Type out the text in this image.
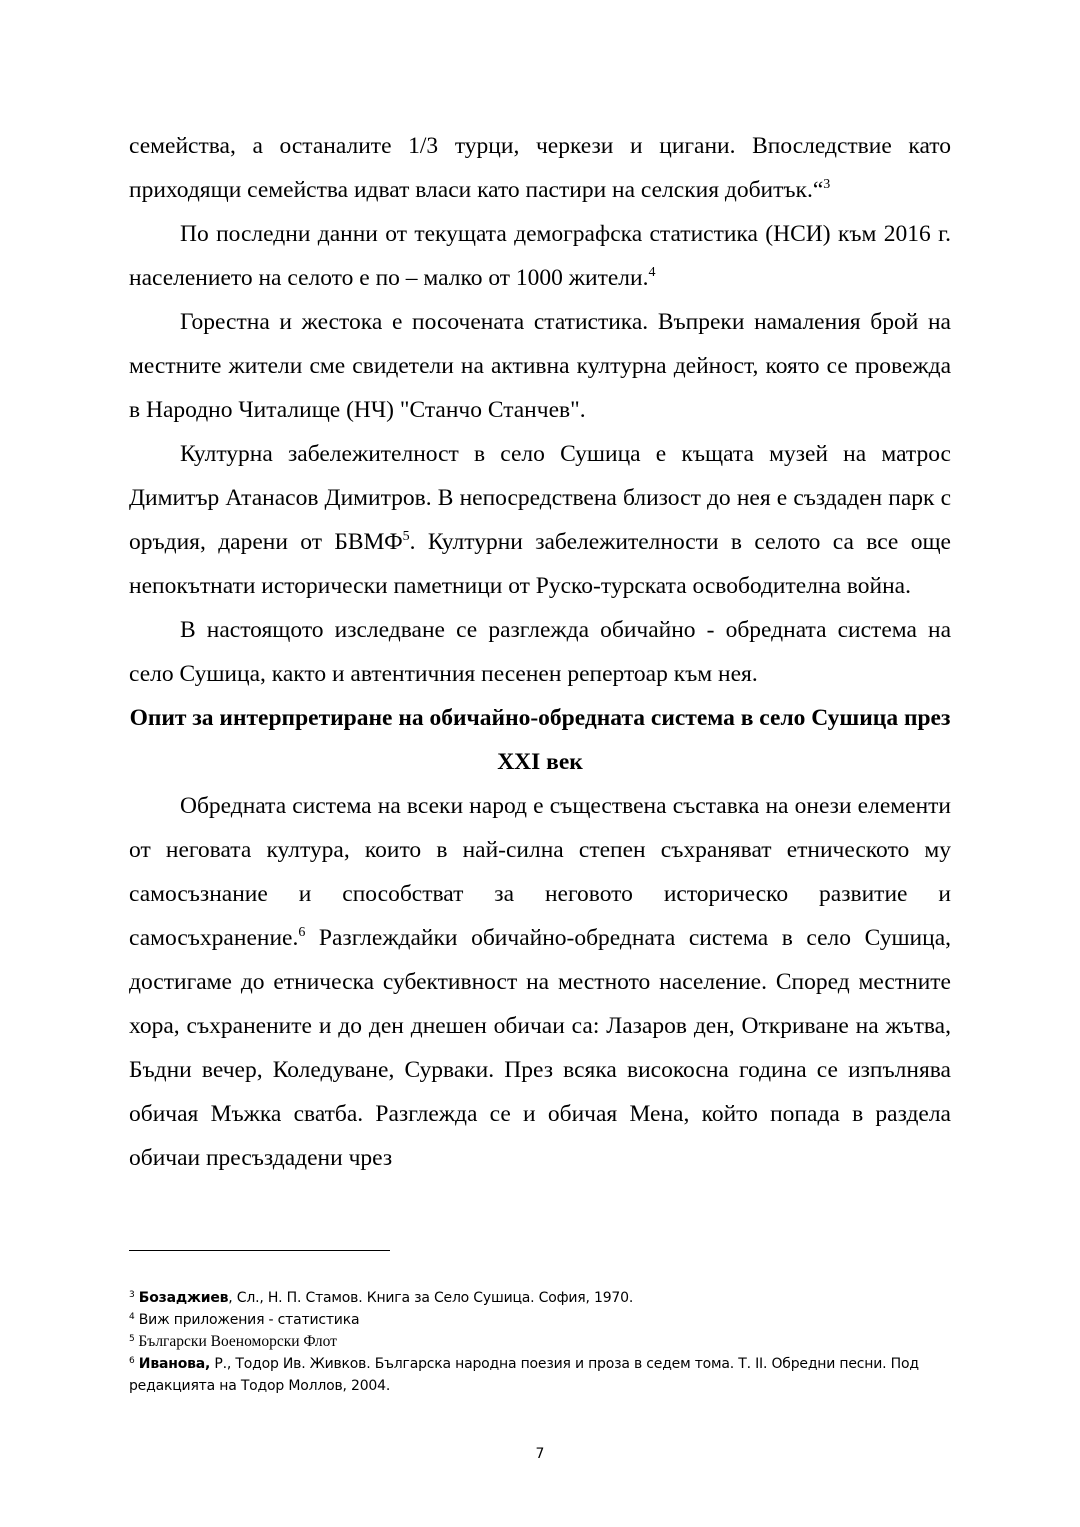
семейства, а останалите 1/3 турци, черкези и цигани. Впоследствие като приходящи семейства идват власи като пастири на селския добитък.“$^3$

По последни данни от текущата демографска статистика (НСИ) към 2016 г. населението на селото е по – малко от 1000 жители.$^4$

Горестна и жестока е посочената статистика. Въпреки намаления брой на местните жители сме свидетели на активна културна дейност, която се провежда в Народно Читалище (НЧ) "Станчо Станчев".

Културна забележителност в село Сушица е къщата музей на матрос Димитър Атанасов Димитров. В непосредствена близост до нея е създаден парк с оръдия, дарени от БВМФ$^5$. Културни забележителности в селото са все още непокътнати исторически паметници от Руско-турската освободителна война.

В настоящото изследване се разглежда обичайно - обредната система на село Сушица, както и автентичния песенен репертоар към нея.

Опит за интерпретиране на обичайно-обредната система в село Сушица през XXI век

Обредната система на всеки народ е съществена съставка на онези елементи от неговата култура, които в най-силна степен съхраняват етническото му самосъзнание и способстват за неговото историческо развитие и самосъхранение.$^6$ Разглеждайки обичайно-обредната система в село Сушица, достигаме до етническа субективност на местното население. Според местните хора, съхранените и до ден днешен обичаи са: Лазаров ден, Откриване на жътва, Бъдни вечер, Коледуване, Сурваки. През всяка високосна година се изпълнява обичая Мъжка сватба. Разглежда се и обичая Мена, който попада в раздела обичаи пресъздадени чрез

$^3$ Бозаджиев, Сл., Н. П. Стамов. Книга за Село Сушица. София, 1970.

$^4$ Виж приложения - статистика

$^5$ Български Военоморски Флот

$^6$ Иванова, Р., Тодор Ив. Живков. Българска народна поезия и проза в седем тома. Т. II. Обредни песни. Под редакцията на Тодор Моллов, 2004.

7
